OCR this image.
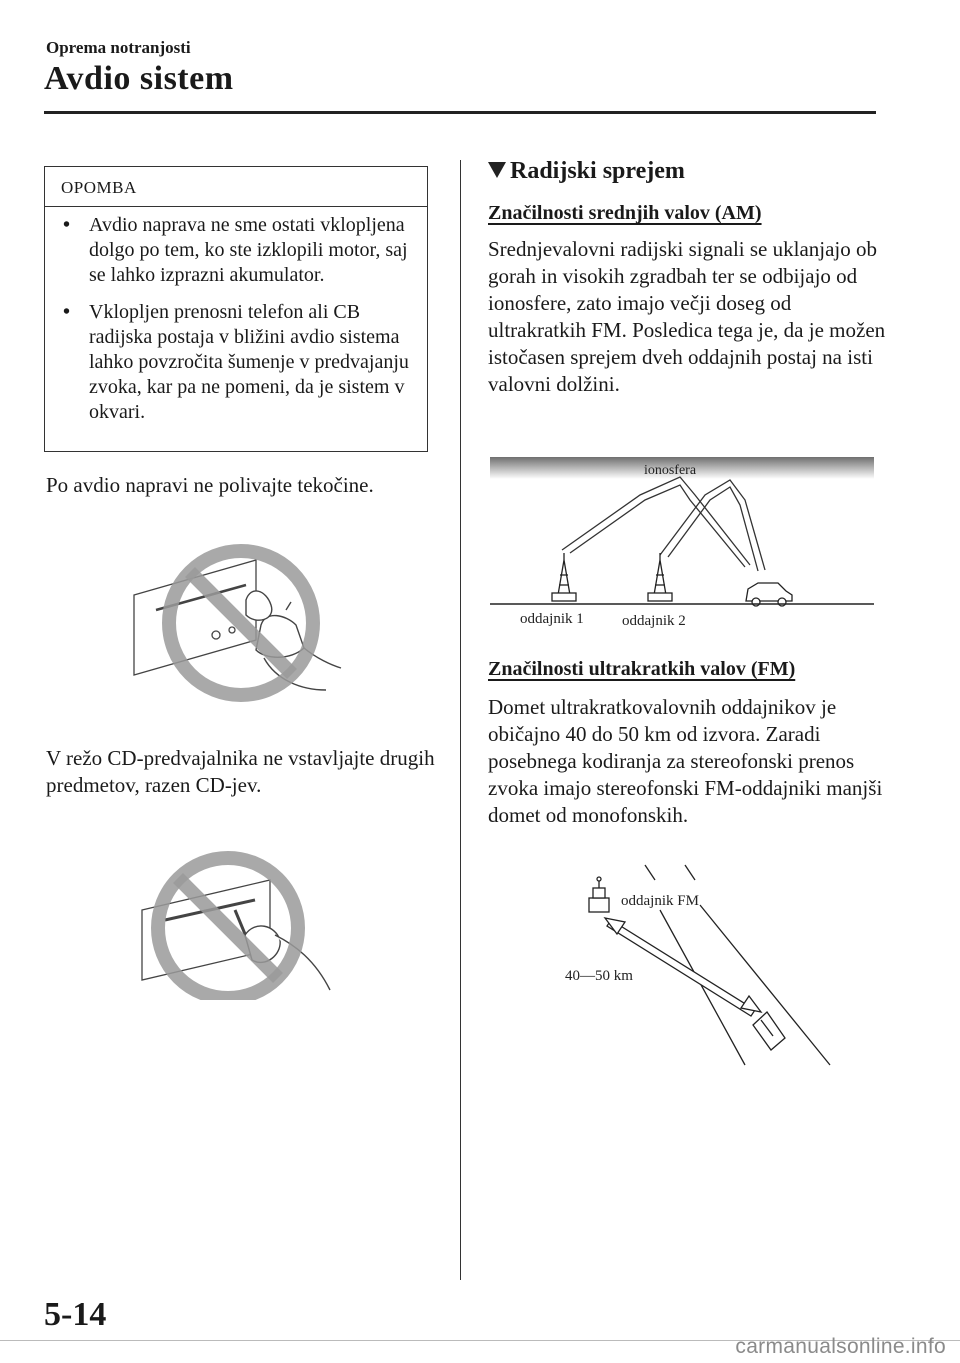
Oprema notranjosti
Avdio sistem
OPOMBA
• Avdio naprava ne sme ostati vklopljena dolgo po tem, ko ste izklopili motor, saj se lahko izprazni akumulator.
• Vklopljen prenosni telefon ali CB radijska postaja v bližini avdio sistema lahko povzročita šumenje v predvajanju zvoka, kar pa ne pomeni, da je sistem v okvari.
Po avdio napravi ne polivajte tekočine.
V režo CD-predvajalnika ne vstavljajte drugih predmetov, razen CD-jev.
Radijski sprejem
Značilnosti srednjih valov (AM)
Srednjevalovni radijski signali se uklanjajo ob gorah in visokih zgradbah ter se odbijajo od ionosfere, zato imajo večji doseg od ultrakratkih FM. Posledica tega je, da je možen istočasen sprejem dveh oddajnih postaj na isti valovni dolžini.
ionosfera
oddajnik 1	oddajnik 2
Značilnosti ultrakratkih valov (FM)
Domet ultrakratkovalovnih oddajnikov je običajno 40 do 50 km od izvora. Zaradi posebnega kodiranja za stereofonski prenos zvoka imajo stereofonski FM-oddajniki manjši domet od monofonskih.
oddajnik FM
40—50 km
5-14
carmanualsonline.info
